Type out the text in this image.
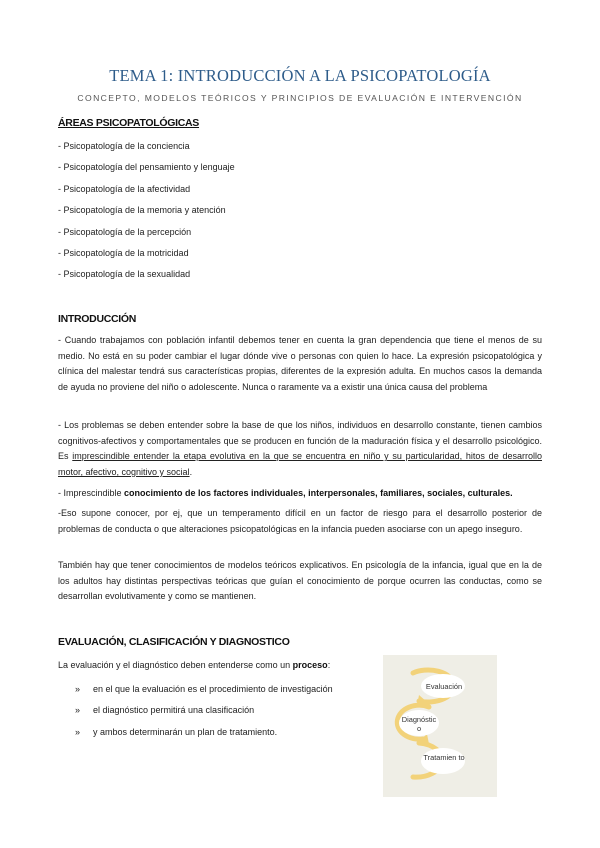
TEMA 1: INTRODUCCIÓN A LA PSICOPATOLOGÍA
CONCEPTO, MODELOS TEÓRICOS Y PRINCIPIOS DE EVALUACIÓN E INTERVENCIÓN
ÁREAS PSICOPATOLÓGICAS
- Psicopatología de la conciencia
- Psicopatología del pensamiento y lenguaje
- Psicopatología de la afectividad
- Psicopatología de la memoria y atención
- Psicopatología de la percepción
- Psicopatología de la motricidad
- Psicopatología de la sexualidad
INTRODUCCIÓN
- Cuando trabajamos con población infantil debemos tener en cuenta la gran dependencia que tiene el menos de su medio. No está en su poder cambiar el lugar dónde vive o personas con quien lo hace. La expresión psicopatológica y clínica del malestar tendrá sus características propias, diferentes de la expresión adulta. En muchos casos la demanda de ayuda no proviene del niño o adolescente. Nunca o raramente va a existir una única causa del problema
- Los problemas se deben entender sobre la base de que los niños, individuos en desarrollo constante, tienen cambios cognitivos-afectivos y comportamentales que se producen en función de la maduración física y el desarrollo psicológico. Es imprescindible entender la etapa evolutiva en la que se encuentra en niño y su particularidad, hitos de desarrollo motor, afectivo, cognitivo y social.
- Imprescindible conocimiento de los factores individuales, interpersonales, familiares, sociales, culturales.
-Eso supone conocer, por ej, que un temperamento difícil en un factor de riesgo para el desarrollo posterior de problemas de conducta o que alteraciones psicopatológicas en la infancia pueden asociarse con un apego inseguro.
También hay que tener conocimientos de modelos teóricos explicativos. En psicología de la infancia, igual que en la de los adultos hay distintas perspectivas teóricas que guían el conocimiento de porque ocurren las conductas, como se desarrollan evolutivamente y como se mantienen.
EVALUACIÓN, CLASIFICACIÓN Y DIAGNOSTICO
La evaluación y el diagnóstico deben entenderse como un proceso:
» en el que la evaluación es el procedimiento de investigación
» el diagnóstico permitirá una clasificación
» y ambos determinarán un plan de tratamiento.
Evaluación
Diagnóstic o
Tratamien to
